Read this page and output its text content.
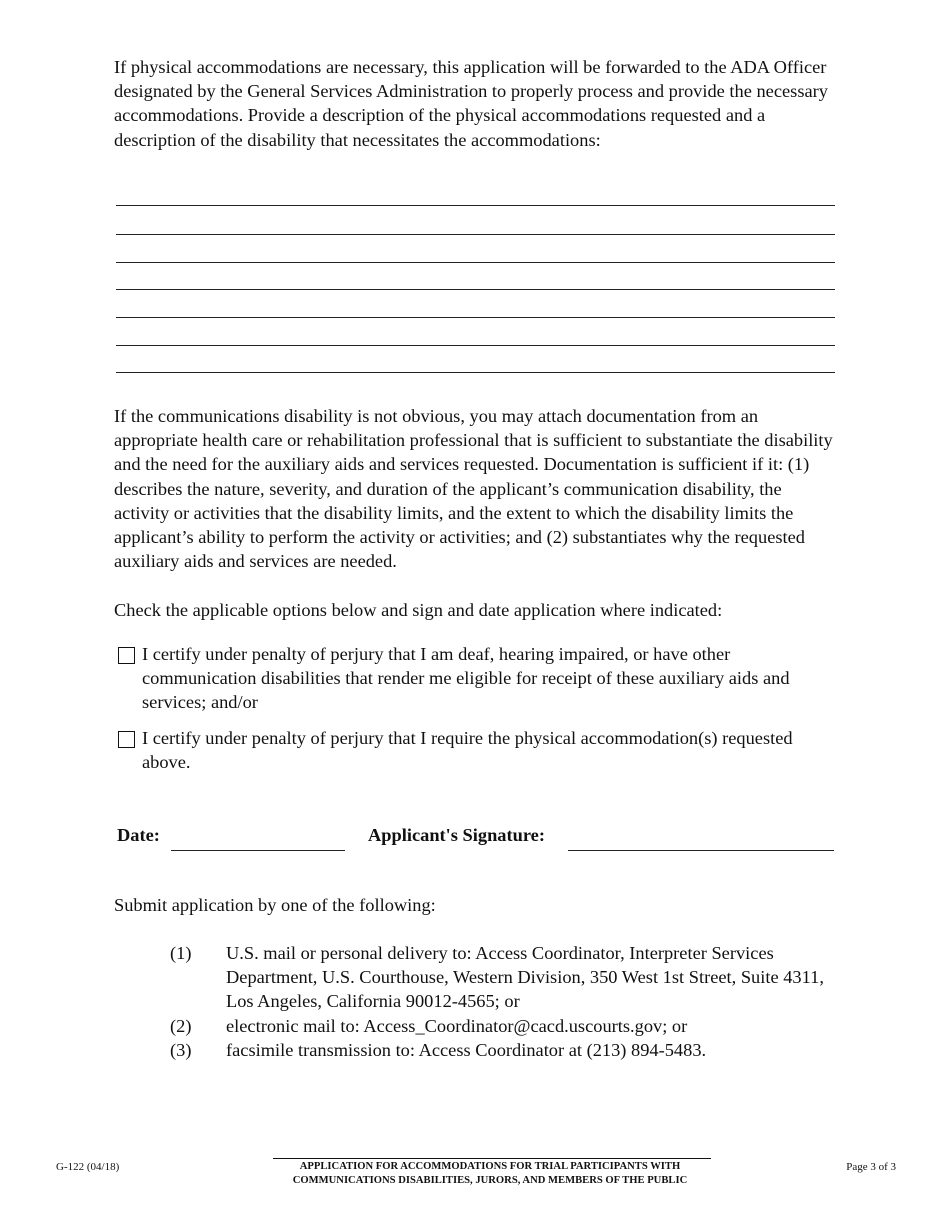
If physical accommodations are necessary, this application will be forwarded to the ADA Officer designated by the General Services Administration to properly process and provide the necessary accommodations. Provide a description of the physical accommodations requested and a description of the disability that necessitates the accommodations:

If the communications disability is not obvious, you may attach documentation from an appropriate health care or rehabilitation professional that is sufficient to substantiate the disability and the need for the auxiliary aids and services requested. Documentation is sufficient if it: (1) describes the nature, severity, and duration of the applicant’s communication disability, the activity or activities that the disability limits, and the extent to which the disability limits the applicant’s ability to perform the activity or activities; and (2) substantiates why the requested auxiliary aids and services are needed.

Check the applicable options below and sign and date application where indicated:

I certify under penalty of perjury that I am deaf, hearing impaired, or have other communication disabilities that render me eligible for receipt of these auxiliary aids and services; and/or
I certify under penalty of perjury that I require the physical accommodation(s) requested above.
Date:	Applicant's Signature:

Submit application by one of the following:

(1) U.S. mail or personal delivery to: Access Coordinator, Interpreter Services Department, U.S. Courthouse, Western Division, 350 West 1st Street, Suite 4311, Los Angeles, California 90012-4565; or
(2) electronic mail to: Access_Coordinator@cacd.uscourts.gov; or
(3) facsimile transmission to: Access Coordinator at (213) 894-5483.
G-122 (04/18)	APPLICATION FOR ACCOMMODATIONS FOR TRIAL PARTICIPANTS WITH
COMMUNICATIONS DISABILITIES, JURORS, AND MEMBERS OF THE PUBLIC
Page 3 of 3
